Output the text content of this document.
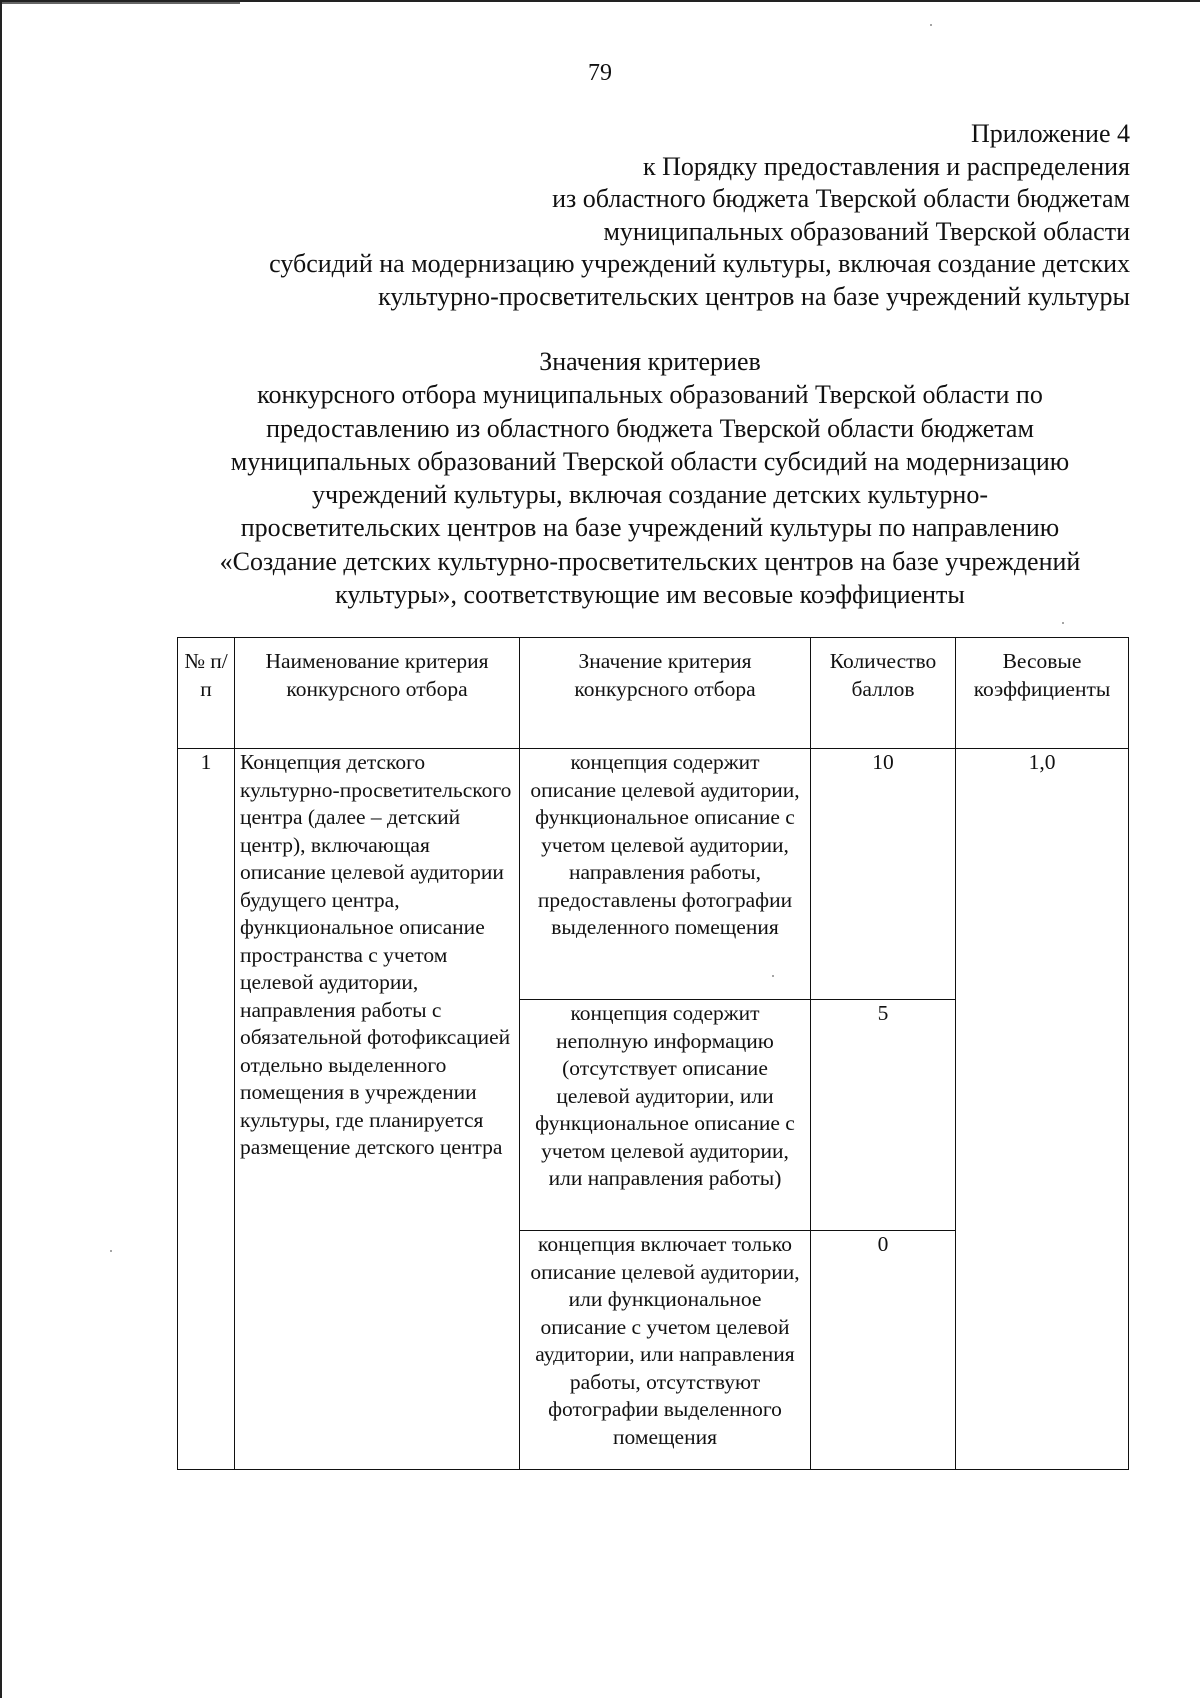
79
Приложение 4
к Порядку предоставления и распределения
из областного бюджета Тверской области бюджетам
муниципальных образований Тверской области
субсидий на модернизацию учреждений культуры, включая создание детских
культурно-просветительских центров на базе учреждений культуры
Значения критериев
конкурсного отбора муниципальных образований Тверской области по
предоставлению из областного бюджета Тверской области бюджетам
муниципальных образований Тверской области субсидий на модернизацию
учреждений культуры, включая создание детских культурно-
просветительских центров на базе учреждений культуры по направлению
«Создание детских культурно-просветительских центров на базе учреждений
культуры», соответствующие им весовые коэффициенты
№ п/п	Наименование критерия конкурсного отбора	Значение критерия конкурсного отбора	Количество баллов	Весовые коэффициенты
1	Концепция детского культурно-просветительского центра (далее – детский центр), включающая описание целевой аудитории будущего центра, функциональное описание пространства с учетом целевой аудитории, направления работы с обязательной фотофиксацией отдельно выделенного помещения в учреждении культуры, где планируется размещение детского центра	концепция содержит описание целевой аудитории, функциональное описание с учетом целевой аудитории, направления работы, предоставлены фотографии выделенного помещения	10	1,0
		концепция содержит неполную информацию (отсутствует описание целевой аудитории, или функциональное описание с учетом целевой аудитории, или направления работы)	5	
		концепция включает только описание целевой аудитории, или функциональное описание с учетом целевой аудитории, или направления работы, отсутствуют фотографии выделенного помещения	0	
